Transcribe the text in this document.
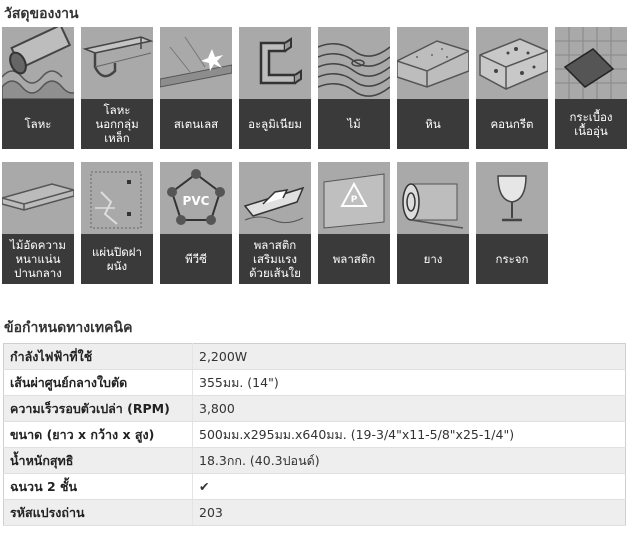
วัสดุของงาน
โลหะ
โลหะ
นอกกลุ่ม
เหล็ก
สเตนเลส	อะลูมิเนียม	ไม้	หิน	คอนกรีต	กระเบื้อง
เนื้ออุ่น
ไม้อัดความ
หนาแน่น
ปานกลาง
แผ่นปิดฝา
ผนัง
PVC
พีวีซี
พลาสติก
เสริมแรง
ด้วยเส้นใย
P
พลาสติก	ยาง	กระจก
ข้อกำหนดทางเทคนิค
กำลังไฟฟ้าที่ใช้	2,200W
เส้นผ่าศูนย์กลางใบตัด	355มม. (14")
ความเร็วรอบตัวเปล่า (RPM)	3,800
ขนาด (ยาว x กว้าง x สูง)	500มม.x295มม.x640มม. (19-3/4"x11-5/8"x25-1/4")
น้ำหนักสุทธิ	18.3กก. (40.3ปอนด์)
ฉนวน 2 ชั้น	✔
รหัสแปรงถ่าน	203
